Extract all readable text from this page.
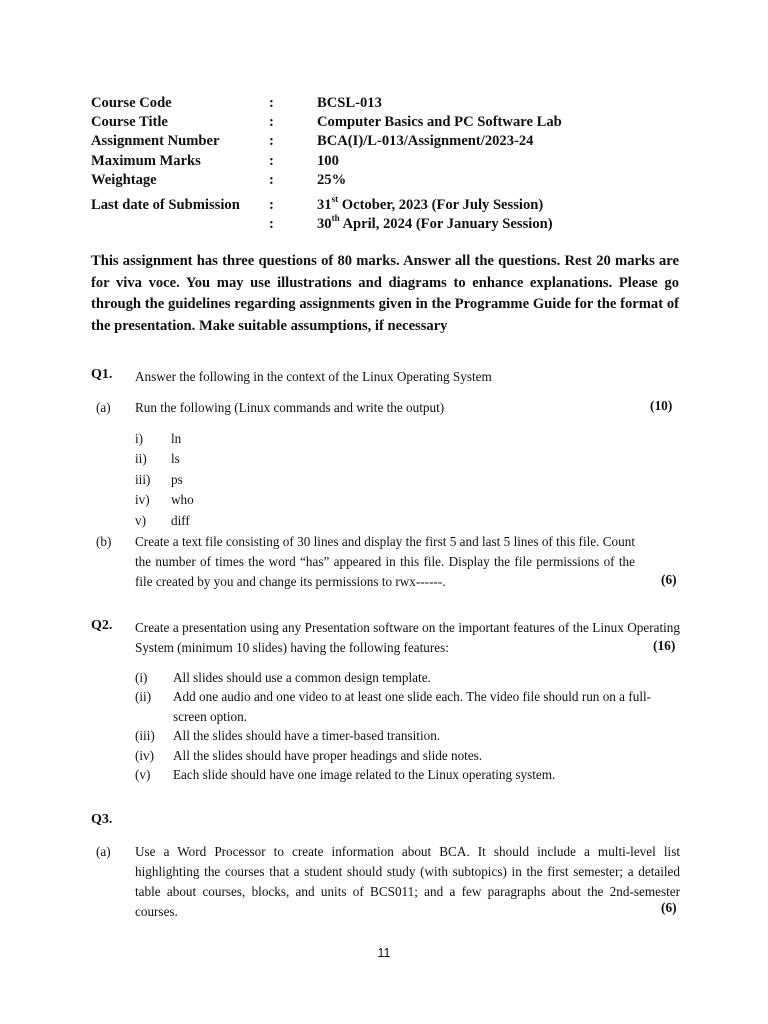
Course Code	:	BCSL-013
Course Title	:	Computer Basics and PC Software Lab
Assignment Number	:	BCA(I)/L-013/Assignment/2023-24
Maximum Marks	:	100
Weightage	:	25%
Last date of Submission	:	31st October, 2023 (For July Session)
:	30th April, 2024 (For January Session)
This assignment has three questions of 80 marks. Answer all the questions. Rest 20 marks are for viva voce. You may use illustrations and diagrams to enhance explanations. Please go through the guidelines regarding assignments given in the Programme Guide for the format of the presentation. Make suitable assumptions, if necessary
Q1. Answer the following in the context of the Linux Operating System
(a) Run the following (Linux commands and write the output)	(10)
i)	ln
ii)	ls
iii)	ps
iv)	who
v)	diff
(b) Create a text file consisting of 30 lines and display the first 5 and last 5 lines of this file. Count the number of times the word “has” appeared in this file. Display the file permissions of the file created by you and change its permissions to rwx------.	(6)
Q2. Create a presentation using any Presentation software on the important features of the Linux Operating System (minimum 10 slides) having the following features:	(16)
(i)	All slides should use a common design template.
(ii)	Add one audio and one video to at least one slide each. The video file should run on a full-screen option.
(iii)	All the slides should have a timer-based transition.
(iv)	All the slides should have proper headings and slide notes.
(v)	Each slide should have one image related to the Linux operating system.
Q3.
(a) Use a Word Processor to create information about BCA. It should include a multi-level list highlighting the courses that a student should study (with subtopics) in the first semester; a detailed table about courses, blocks, and units of BCS011; and a few paragraphs about the 2nd-semester courses.	(6)
11
